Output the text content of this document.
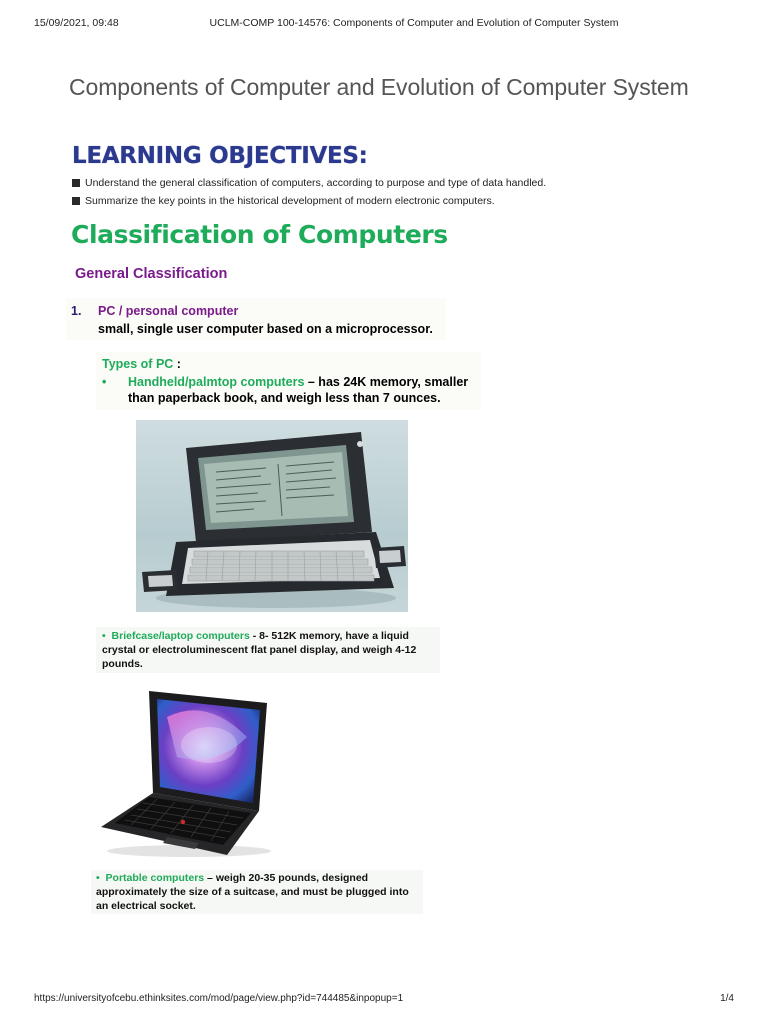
15/09/2021, 09:48	UCLM-COMP 100-14576: Components of Computer and Evolution of Computer System
Components of Computer and Evolution of Computer System
LEARNING OBJECTIVES:
Understand the general classification of computers, according to purpose and type of data handled.
Summarize the key points in the historical development of modern electronic computers.
Classification of Computers
General Classification
1. PC / personal computer
small, single user computer based on a microprocessor.
Types of PC :
• Handheld/palmtop computers – has 24K memory, smaller
than paperback book, and weigh less than 7 ounces.
• Briefcase/laptop computers - 8- 512K memory, have a liquid crystal or electroluminescent flat panel display, and weigh 4-12 pounds.
• Portable computers – weigh 20-35 pounds, designed approximately the size of a suitcase, and must be plugged into an electrical socket.
https://universityofcebu.ethinksites.com/mod/page/view.php?id=744485&inpopup=1	1/4
